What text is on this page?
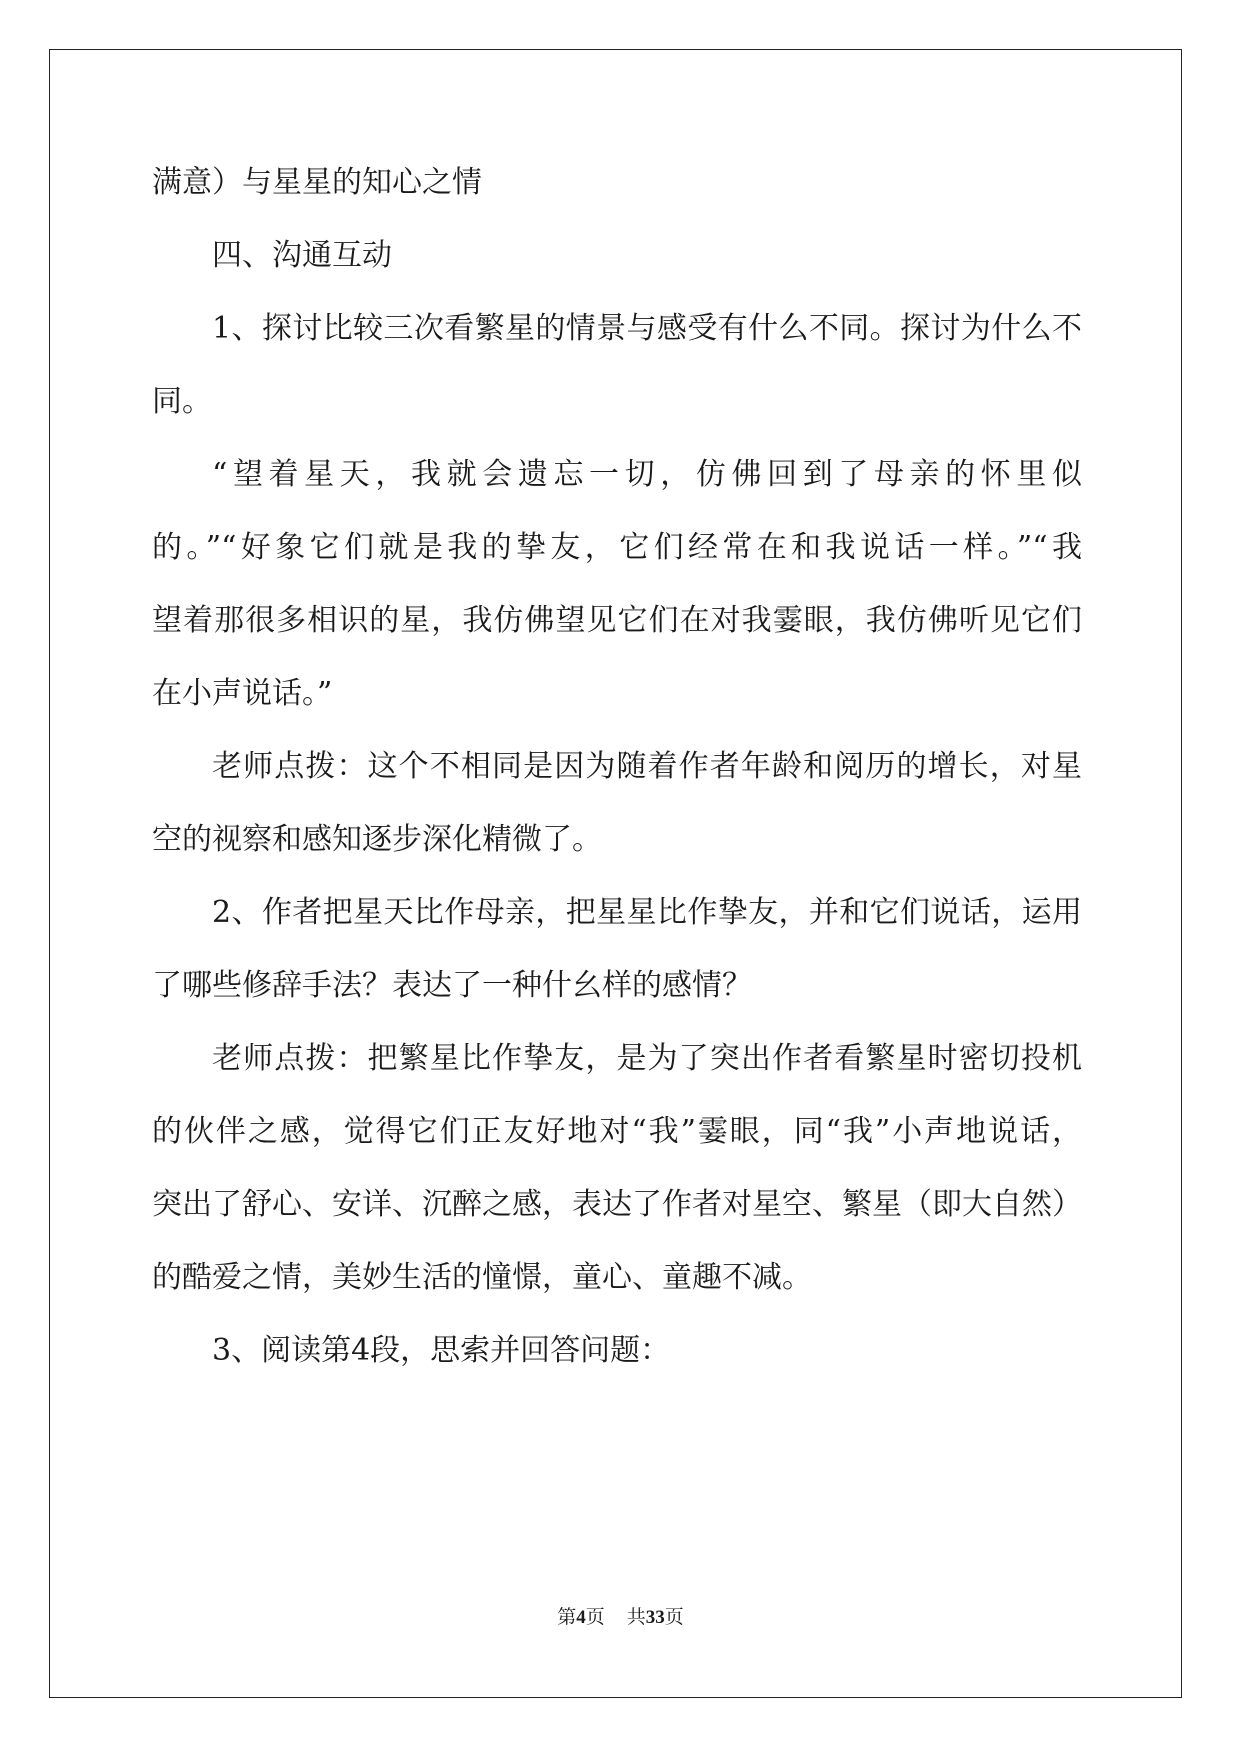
满意）与星星的知心之情
四、沟通互动
1、探讨比较三次看繁星的情景与感受有什么不同。探讨为什么不
同。
“望着星天，我就会遗忘一切，仿佛回到了母亲的怀里似
的。”“好象它们就是我的挚友，它们经常在和我说话一样。”“我
望着那很多相识的星，我仿佛望见它们在对我霎眼，我仿佛听见它们
在小声说话。”
老师点拨：这个不相同是因为随着作者年龄和阅历的增长，对星
空的视察和感知逐步深化精微了。
2、作者把星天比作母亲，把星星比作挚友，并和它们说话，运用
了哪些修辞手法？表达了一种什幺样的感情？
老师点拨：把繁星比作挚友，是为了突出作者看繁星时密切投机
的伙伴之感，觉得它们正友好地对“我”霎眼，同“我”小声地说话，
突出了舒心、安详、沉醉之感，表达了作者对星空、繁星（即大自然）
的酷爱之情，美妙生活的憧憬，童心、童趣不减。
3、阅读第4段，思索并回答问题：
第4页 共33页
